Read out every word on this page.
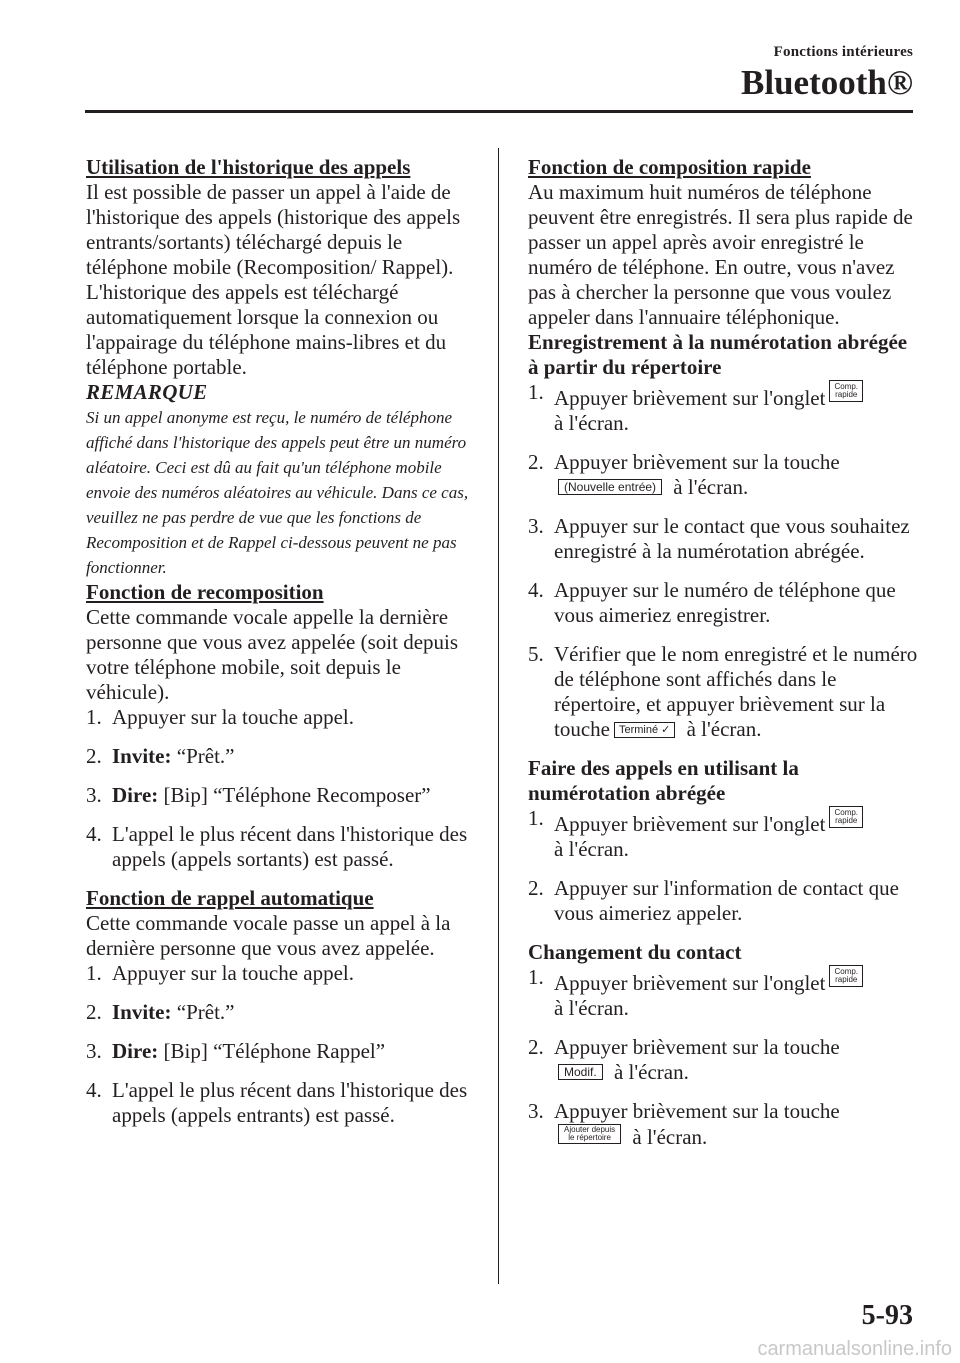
Fonctions intérieures
Bluetooth®

Utilisation de l'historique des appels

Il est possible de passer un appel à l'aide de l'historique des appels (historique des appels entrants/sortants) téléchargé depuis le téléphone mobile (Recomposition/ Rappel). L'historique des appels est téléchargé automatiquement lorsque la connexion ou l'appairage du téléphone mains-libres et du téléphone portable.

REMARQUE

Si un appel anonyme est reçu, le numéro de téléphone affiché dans l'historique des appels peut être un numéro aléatoire. Ceci est dû au fait qu'un téléphone mobile envoie des numéros aléatoires au véhicule. Dans ce cas, veuillez ne pas perdre de vue que les fonctions de Recomposition et de Rappel ci-dessous peuvent ne pas fonctionner.

Fonction de recomposition

Cette commande vocale appelle la dernière personne que vous avez appelée (soit depuis votre téléphone mobile, soit depuis le véhicule).

1. Appuyer sur la touche appel.
2. Invite: “Prêt.”
3. Dire: [Bip] “Téléphone Recomposer”
4. L'appel le plus récent dans l'historique des appels (appels sortants) est passé.

Fonction de rappel automatique

Cette commande vocale passe un appel à la dernière personne que vous avez appelée.

1. Appuyer sur la touche appel.
2. Invite: “Prêt.”
3. Dire: [Bip] “Téléphone Rappel”
4. L'appel le plus récent dans l'historique des appels (appels entrants) est passé.

Fonction de composition rapide

Au maximum huit numéros de téléphone peuvent être enregistrés. Il sera plus rapide de passer un appel après avoir enregistré le numéro de téléphone. En outre, vous n'avez pas à chercher la personne que vous voulez appeler dans l'annuaire téléphonique.

Enregistrement à la numérotation abrégée à partir du répertoire

1. Appuyer brièvement sur l'onglet Comp.
rapide

à l'écran.
2. Appuyer brièvement sur la touche
(Nouvelle entrée) à l'écran.
3. Appuyer sur le contact que vous souhaitez enregistré à la numérotation abrégée.
4. Appuyer sur le numéro de téléphone que vous aimeriez enregistrer.
5. Vérifier que le nom enregistré et le numéro de téléphone sont affichés dans le répertoire, et appuyer brièvement sur la touche Terminé ✓ à l'écran.

Faire des appels en utilisant la numérotation abrégée

1. Appuyer brièvement sur l'onglet Comp.
rapide

à l'écran.
2. Appuyer sur l'information de contact que vous aimeriez appeler.

Changement du contact

1. Appuyer brièvement sur l'onglet Comp.
rapide

à l'écran.
2. Appuyer brièvement sur la touche
Modif. à l'écran.
3. Appuyer brièvement sur la touche

Ajouter depuis
le répertoire à l'écran.
5-93
carmanualsonline.info
